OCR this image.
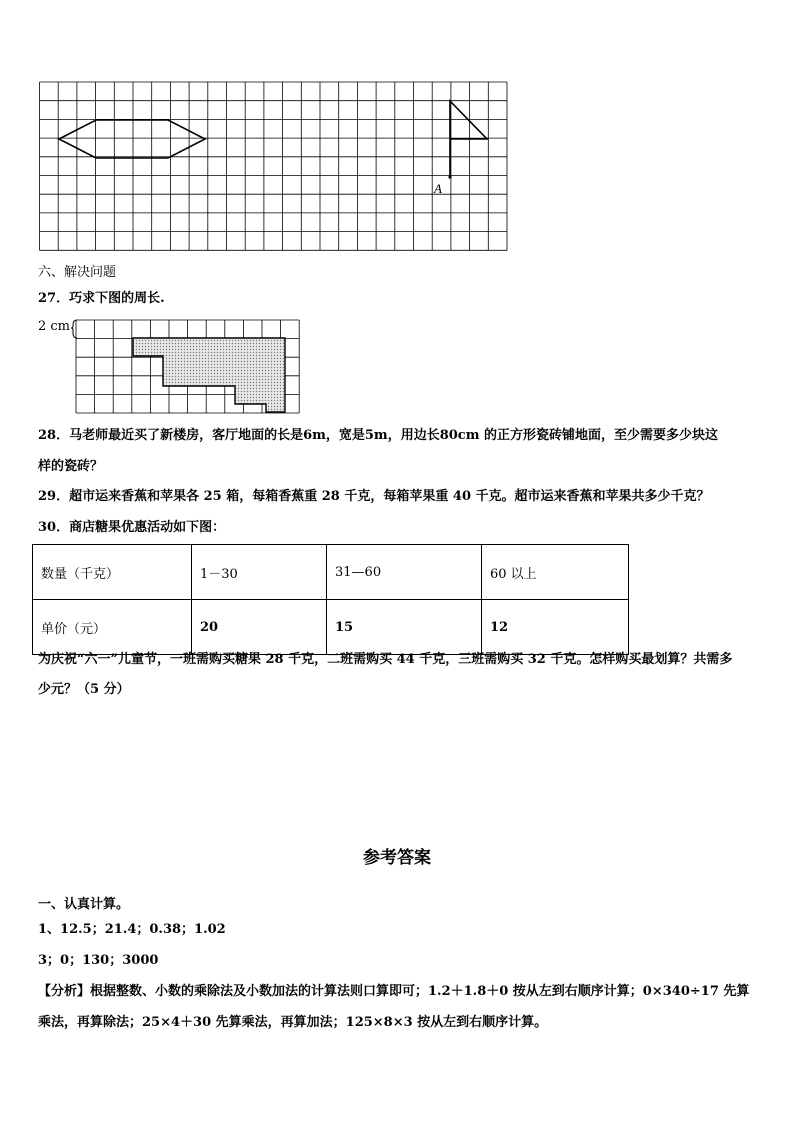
A
六、解决问题
27．巧求下图的周长.
2 cm
28．马老师最近买了新楼房，客厅地面的长是6m，宽是5m，用边长80cm 的正方形瓷砖铺地面，至少需要多少块这
样的瓷砖？
29．超市运来香蕉和苹果各 25 箱，每箱香蕉重 28 千克，每箱苹果重 40 千克。超市运来香蕉和苹果共多少千克？
30．商店糖果优惠活动如下图：
数量（千克）	1－30	31—60	60 以上
单价（元）	20	15	12
为庆祝“六一”儿童节，一班需购买糖果 28 千克，二班需购买 44 千克，三班需购买 32 千克。怎样购买最划算？共需多
少元？（5 分）
参考答案
一、认真计算。
1、12.5；21.4；0.38；1.02
3；0；130；3000
【分析】根据整数、小数的乘除法及小数加法的计算法则口算即可；1.2＋1.8＋0 按从左到右顺序计算；0×340÷17 先算
乘法，再算除法；25×4＋30 先算乘法，再算加法；125×8×3 按从左到右顺序计算。
